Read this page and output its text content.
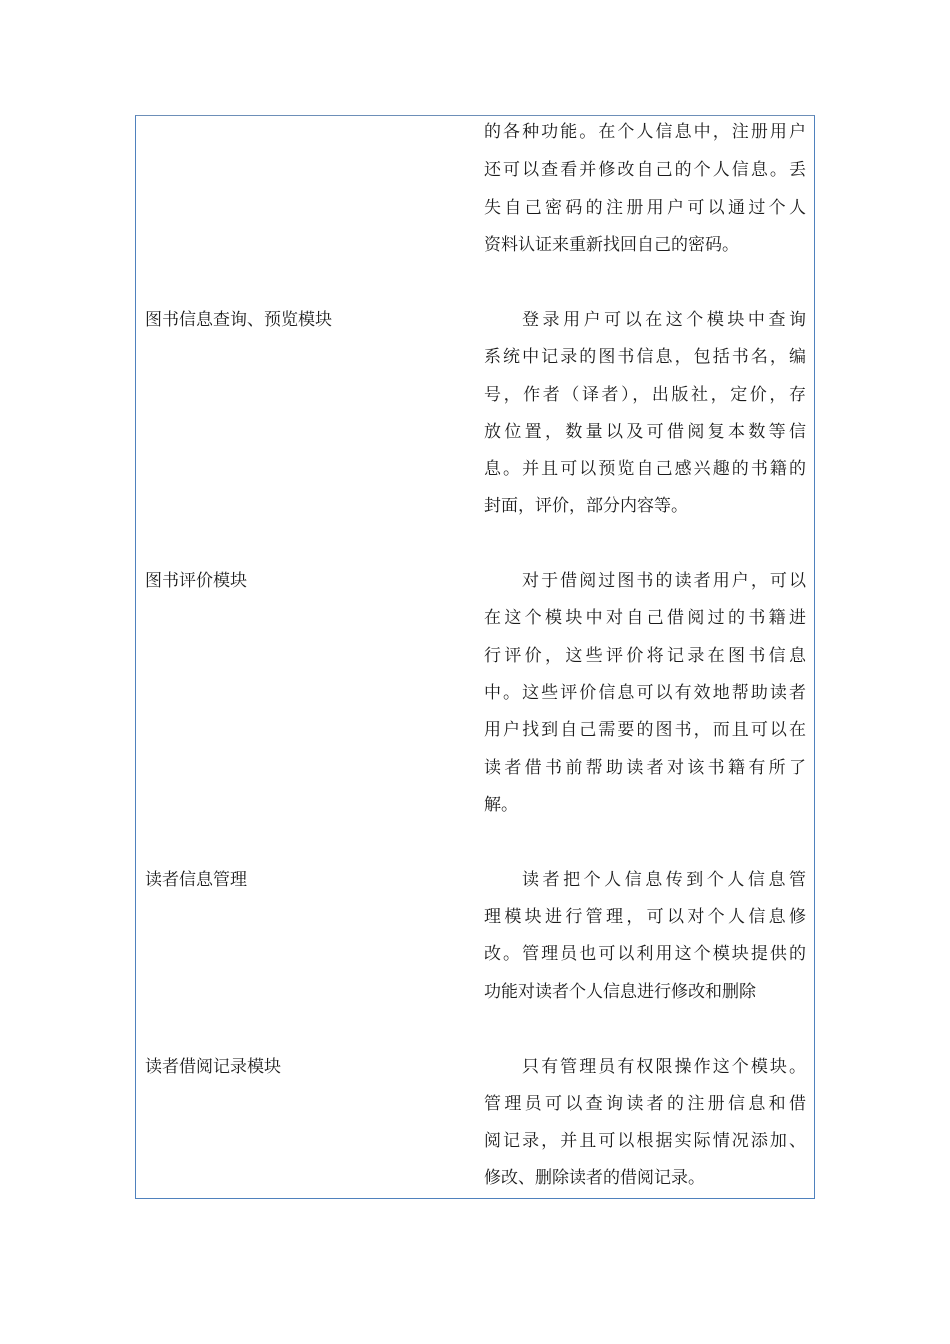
的各种功能。在个人信息中，注册用户
还可以查看并修改自己的个人信息。丢
失自己密码的注册用户可以通过个人
资料认证来重新找回自己的密码。
图书信息查询、预览模块	登录用户可以在这个模块中查询
系统中记录的图书信息，包括书名，编
号，作者（译者），出版社，定价，存
放位置，数量以及可借阅复本数等信
息。并且可以预览自己感兴趣的书籍的
封面，评价，部分内容等。
图书评价模块	对于借阅过图书的读者用户，可以
在这个模块中对自己借阅过的书籍进
行评价，这些评价将记录在图书信息
中。这些评价信息可以有效地帮助读者
用户找到自己需要的图书，而且可以在
读者借书前帮助读者对该书籍有所了
解。
读者信息管理	读者把个人信息传到个人信息管
理模块进行管理，可以对个人信息修
改。管理员也可以利用这个模块提供的
功能对读者个人信息进行修改和删除
读者借阅记录模块	只有管理员有权限操作这个模块。
管理员可以查询读者的注册信息和借
阅记录，并且可以根据实际情况添加、
修改、删除读者的借阅记录。
